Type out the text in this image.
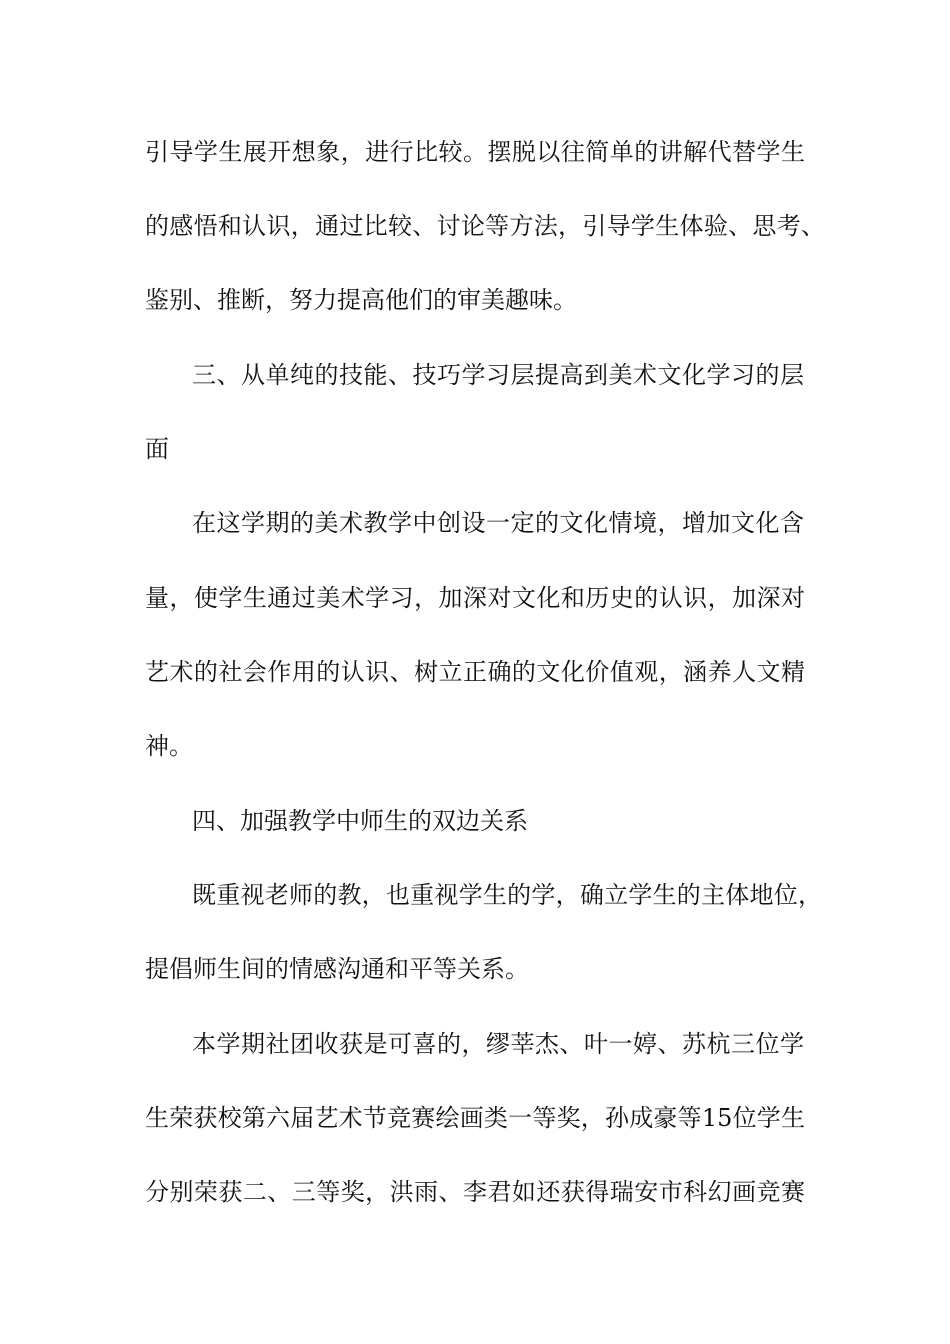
引导学生展开想象，进行比较。摆脱以往简单的讲解代替学生
的感悟和认识，通过比较、讨论等方法，引导学生体验、思考、
鉴别、推断，努力提高他们的审美趣味。
三、从单纯的技能、技巧学习层提高到美术文化学习的层
面
在这学期的美术教学中创设一定的文化情境，增加文化含
量，使学生通过美术学习，加深对文化和历史的认识，加深对
艺术的社会作用的认识、树立正确的文化价值观，涵养人文精
神。
四、加强教学中师生的双边关系
既重视老师的教，也重视学生的学，确立学生的主体地位，
提倡师生间的情感沟通和平等关系。
本学期社团收获是可喜的，缪莘杰、叶一婷、苏杭三位学
生荣获校第六届艺术节竞赛绘画类一等奖，孙成豪等15位学生
分别荣获二、三等奖，洪雨、李君如还获得瑞安市科幻画竞赛
